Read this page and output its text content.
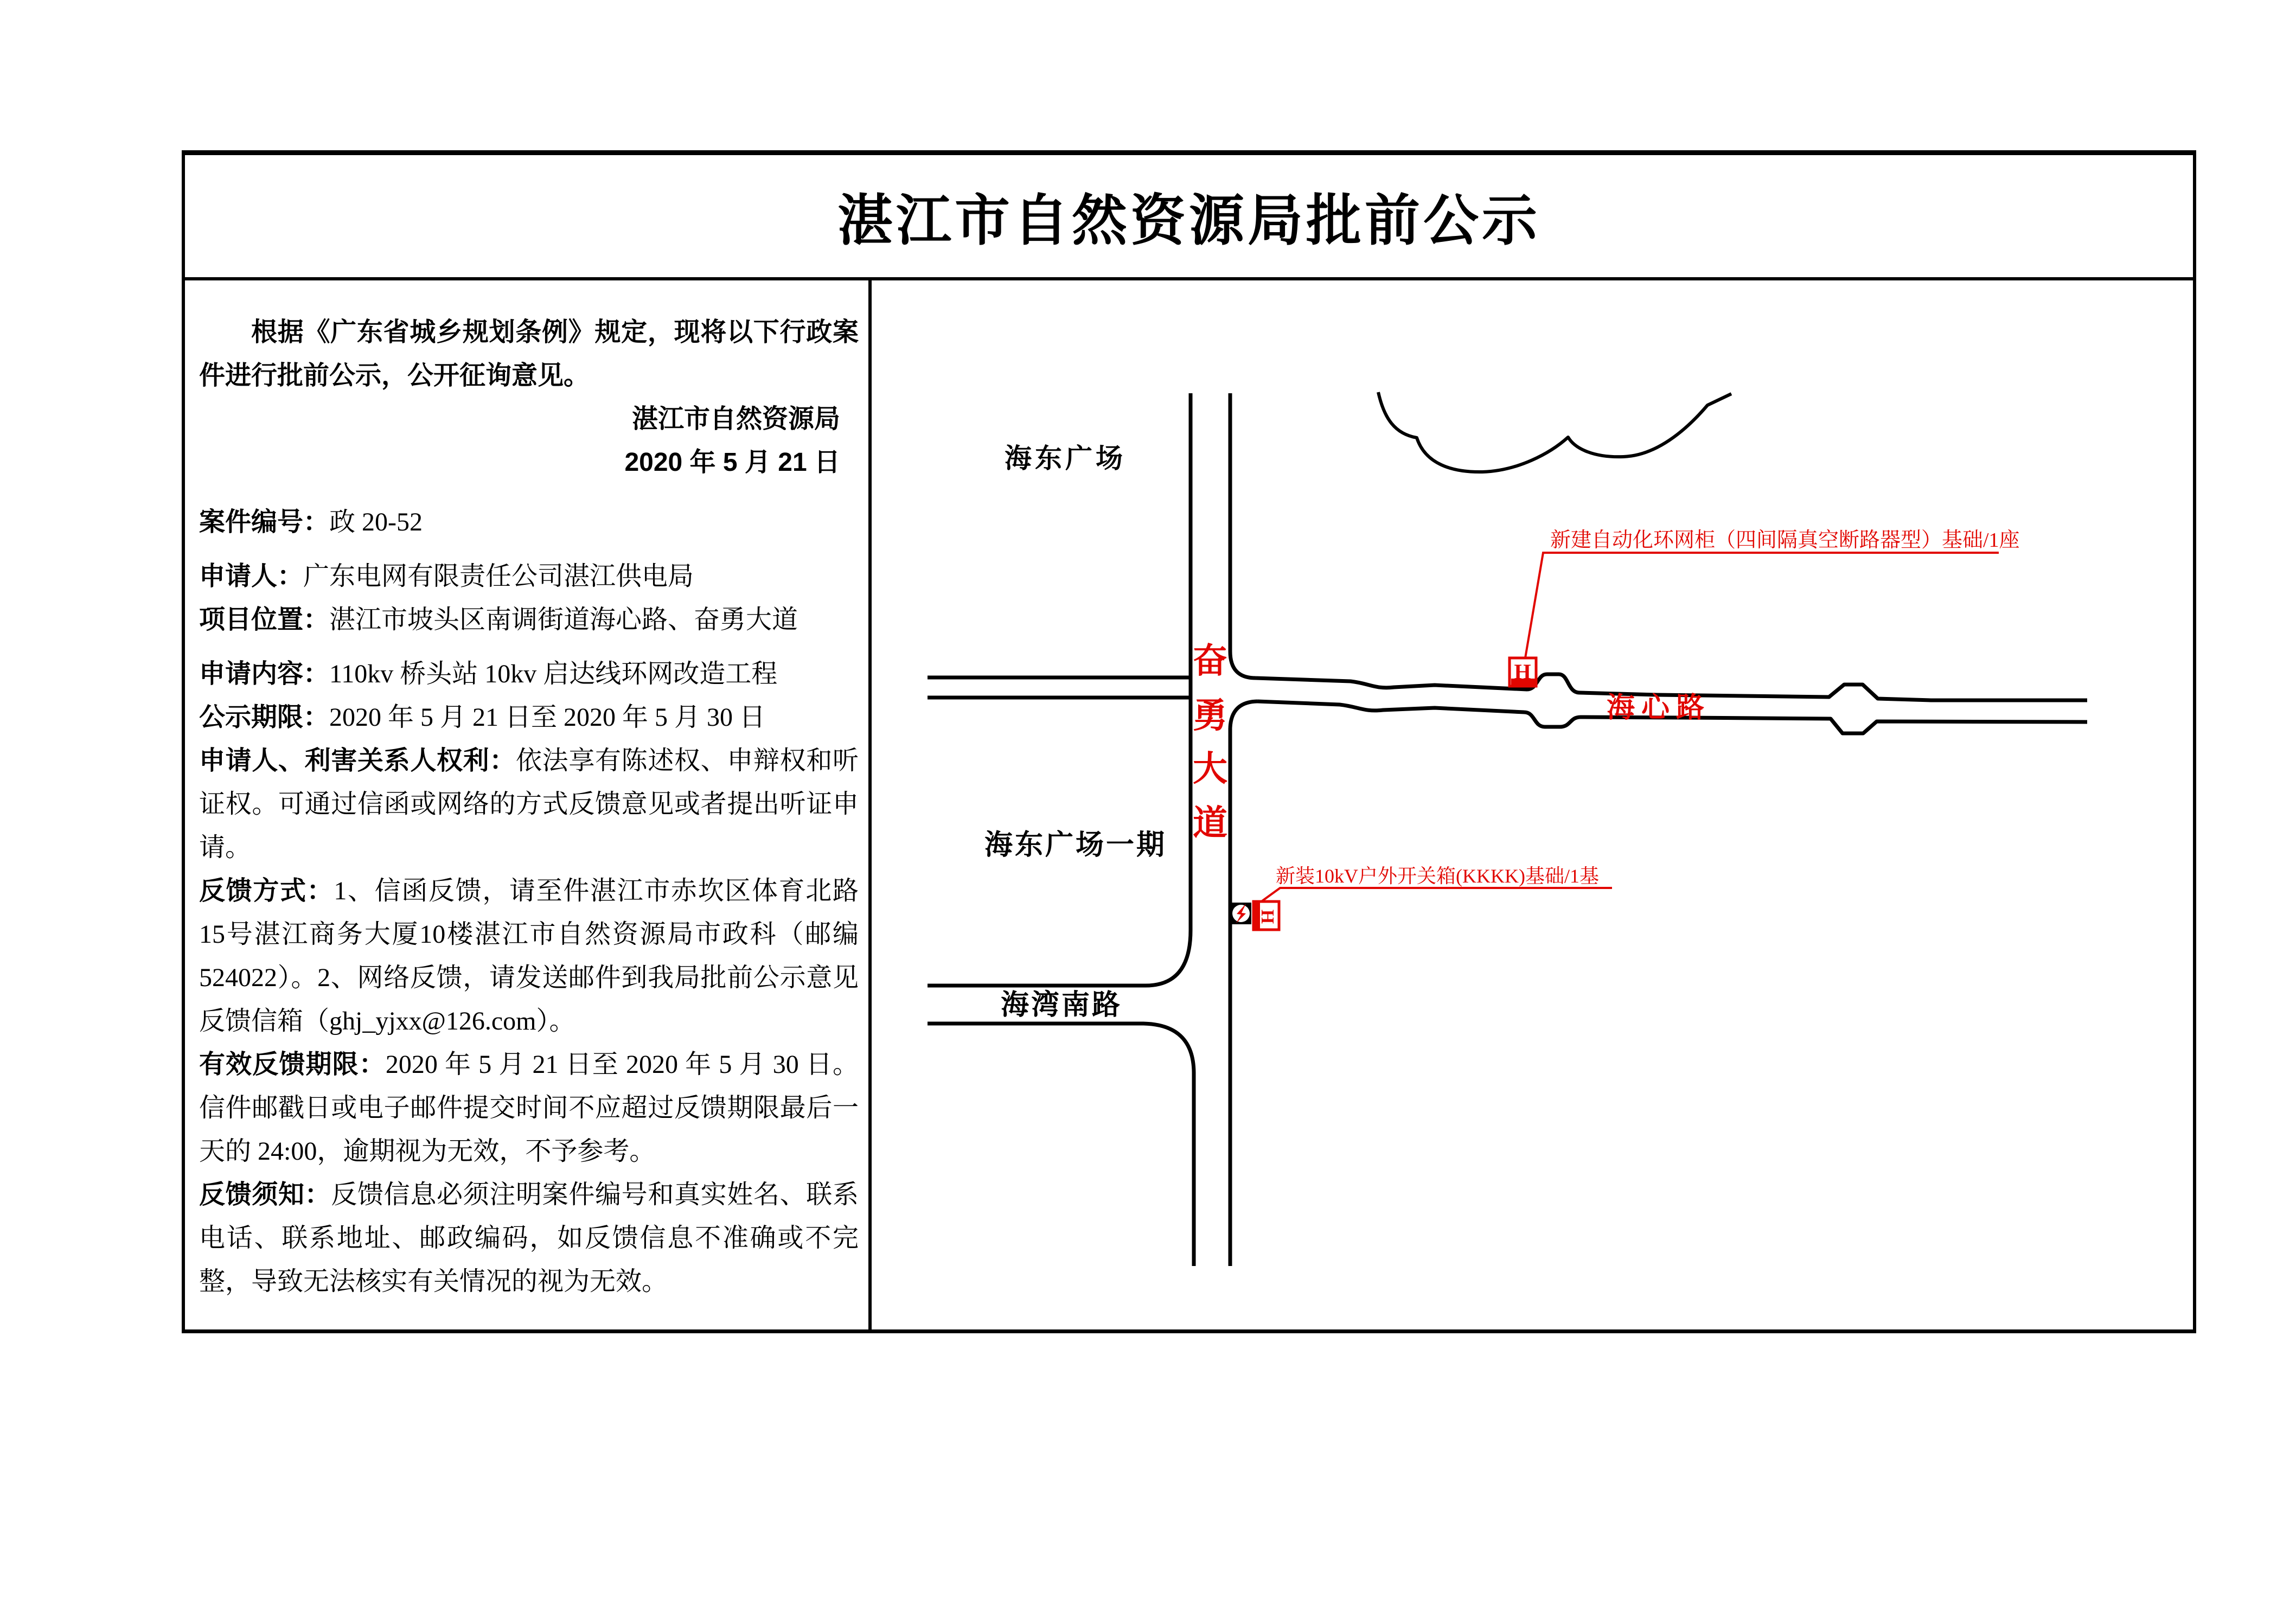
湛江市自然资源局批前公示

根据《广东省城乡规划条例》规定，现将以下行政案件进行批前公示，公开征询意见。

湛江市自然资源局

2020 年 5 月 21 日

案件编号：政 20-52

申请人：广东电网有限责任公司湛江供电局

项目位置：湛江市坡头区南调街道海心路、奋勇大道

申请内容：110kv 桥头站 10kv 启达线环网改造工程

公示期限：2020 年 5 月 21 日至 2020 年 5 月 30 日

申请人、利害关系人权利：依法享有陈述权、申辩权和听证权。可通过信函或网络的方式反馈意见或者提出听证申请。

反馈方式：1、信函反馈，请至件湛江市赤坎区体育北路15号湛江商务大厦10楼湛江市自然资源局市政科（邮编 524022）。2、网络反馈，请发送邮件到我局批前公示意见反馈信箱（ghj_yjxx@126.com）。

有效反馈期限：2020 年 5 月 21 日至 2020 年 5 月 30 日。信件邮戳日或电子邮件提交时间不应超过反馈期限最后一天的 24:00，逾期视为无效，不予参考。

反馈须知：反馈信息必须注明案件编号和真实姓名、联系电话、联系地址、邮政编码，如反馈信息不准确或不完整，导致无法核实有关情况的视为无效。

海东广场
海东广场一期
海湾南路
奋
勇
大
道
海心路
新建自动化环网柜（四间隔真空断路器型）基础/1座
H
新装10kV户外开关箱(KKKK)基础/1基
H
